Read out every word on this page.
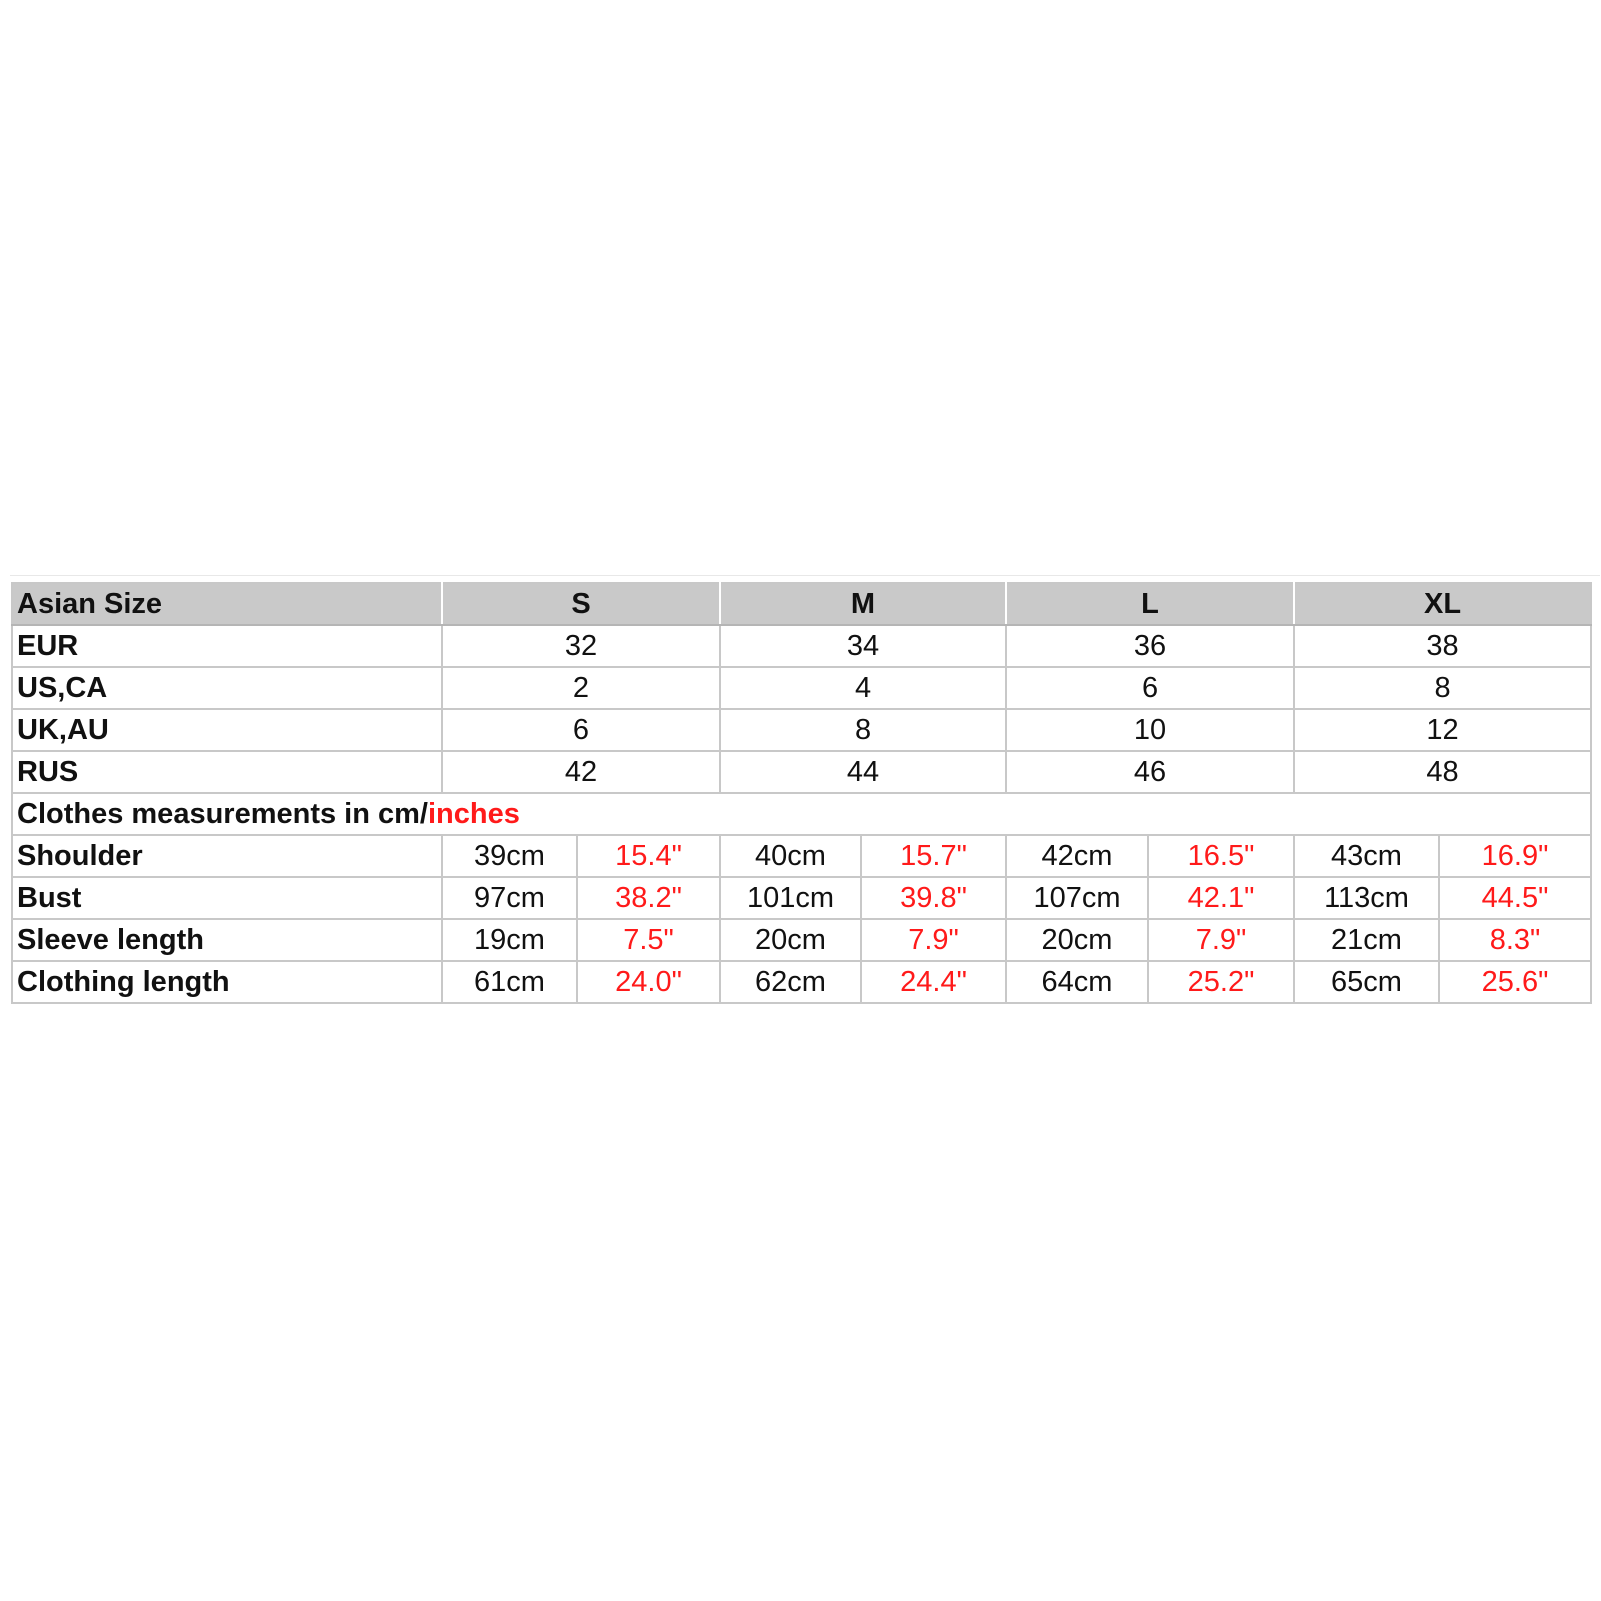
Asian Size	S		M		L		XL	
EUR	32		34		36		38	
US,CA	2		4		6		8	
UK,AU	6		8		10		12	
RUS	42		44		46		48	
Clothes measurements in cm/inches								
Shoulder	39cm	15.4"	40cm	15.7"	42cm	16.5"	43cm	16.9"
Bust	97cm	38.2"	101cm	39.8"	107cm	42.1"	113cm	44.5"
Sleeve length	19cm	7.5"	20cm	7.9"	20cm	7.9"	21cm	8.3"
Clothing length	61cm	24.0"	62cm	24.4"	64cm	25.2"	65cm	25.6"
